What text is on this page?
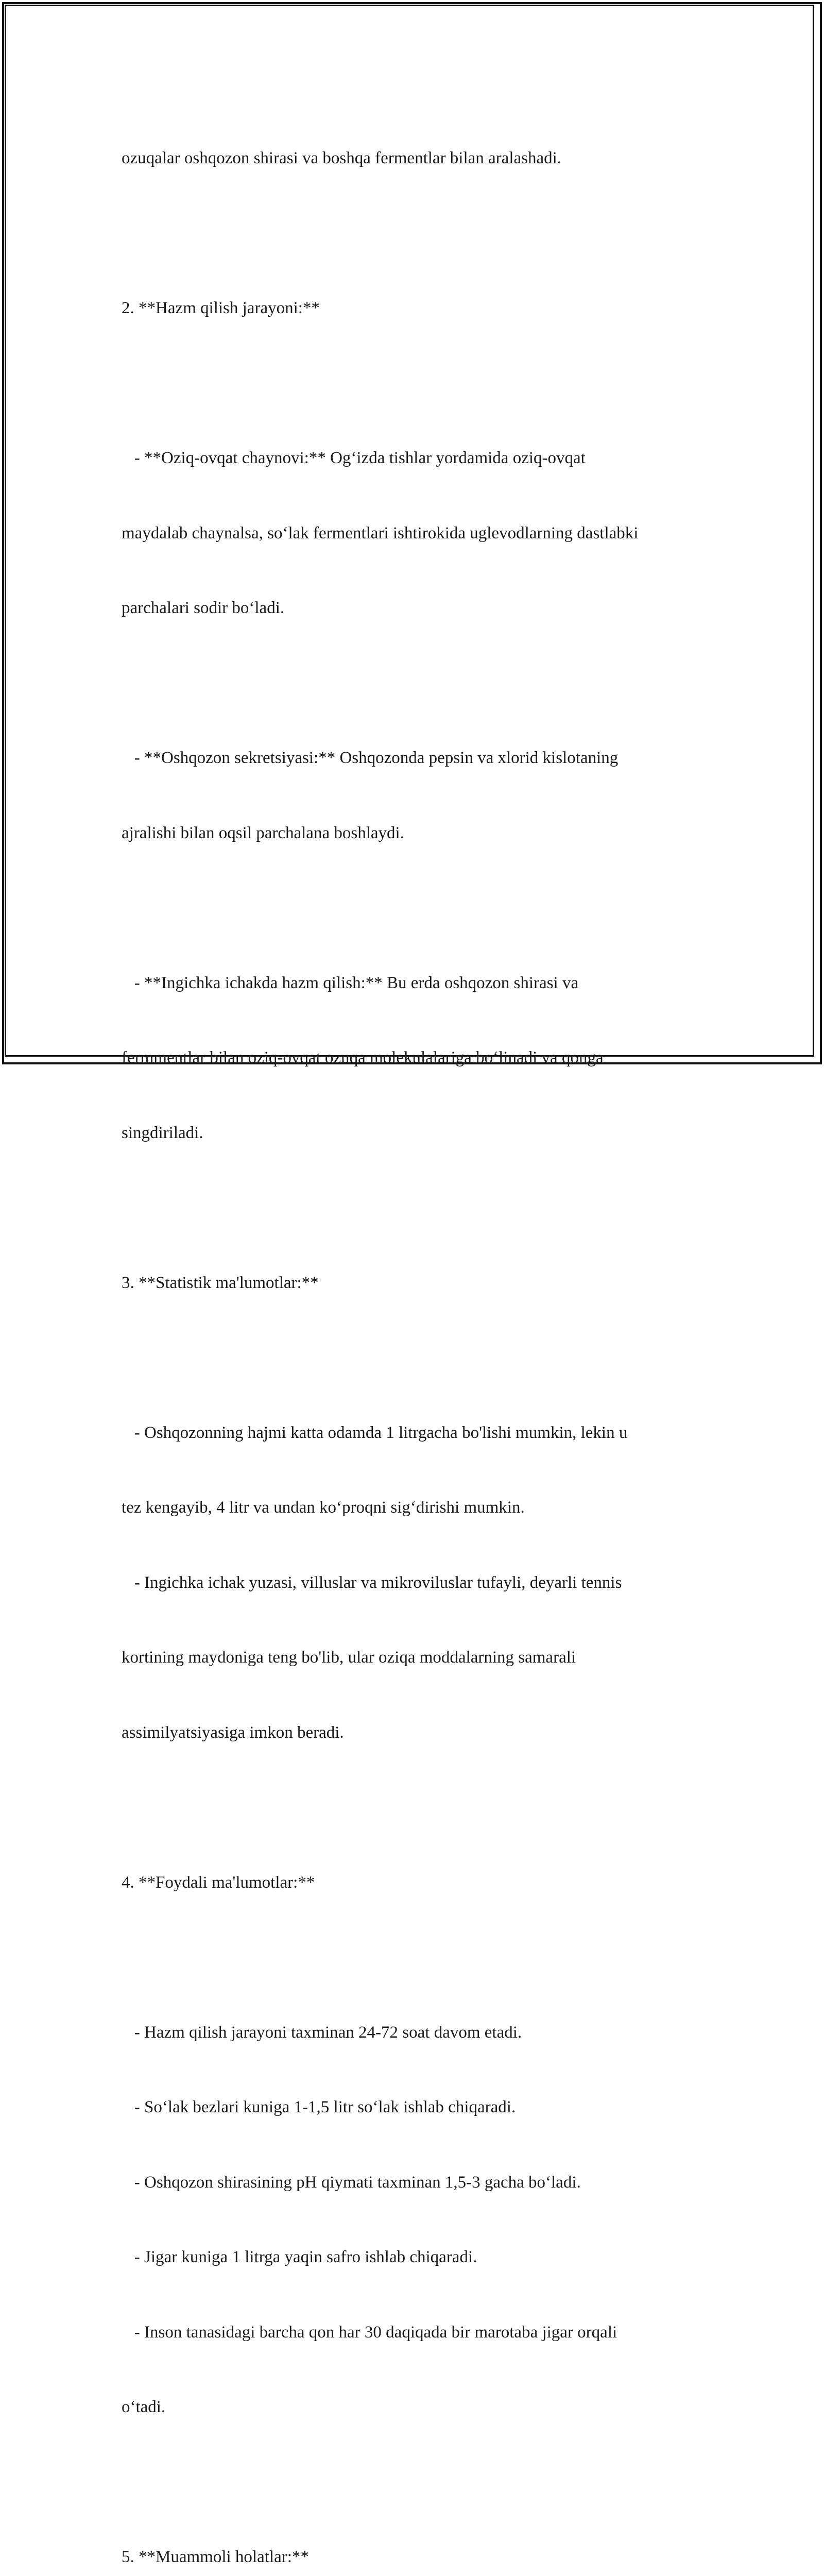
ozuqalar oshqozon shirasi va boshqa fermentlar bilan aralashadi.

2. **Hazm qilish jarayoni:**

- **Oziq-ovqat chaynovi:** Og‘izda tishlar yordamida oziq-ovqat

maydalab chaynalsa, so‘lak fermentlari ishtirokida uglevodlarning dastlabki

parchalari sodir bo‘ladi.

- **Oshqozon sekretsiyasi:** Oshqozonda pepsin va xlorid kislotaning

ajralishi bilan oqsil parchalana boshlaydi.

- **Ingichka ichakda hazm qilish:** Bu erda oshqozon shirasi va

fermmentlar bilan oziq-ovqat ozuqa molekulalariga bo‘linadi va qonga

singdiriladi.

3. **Statistik ma'lumotlar:**

- Oshqozonning hajmi katta odamda 1 litrgacha bo'lishi mumkin, lekin u

tez kengayib, 4 litr va undan ko‘proqni sig‘dirishi mumkin.

- Ingichka ichak yuzasi, villuslar va mikroviluslar tufayli, deyarli tennis

kortining maydoniga teng bo'lib, ular oziqa moddalarning samarali

assimilyatsiyasiga imkon beradi.

4. **Foydali ma'lumotlar:**

- Hazm qilish jarayoni taxminan 24-72 soat davom etadi.

- So‘lak bezlari kuniga 1-1,5 litr so‘lak ishlab chiqaradi.

- Oshqozon shirasining pH qiymati taxminan 1,5-3 gacha bo‘ladi.

- Jigar kuniga 1 litrga yaqin safro ishlab chiqaradi.

- Inson tanasidagi barcha qon har 30 daqiqada bir marotaba jigar orqali

o‘tadi.

5. **Muammoli holatlar:**
